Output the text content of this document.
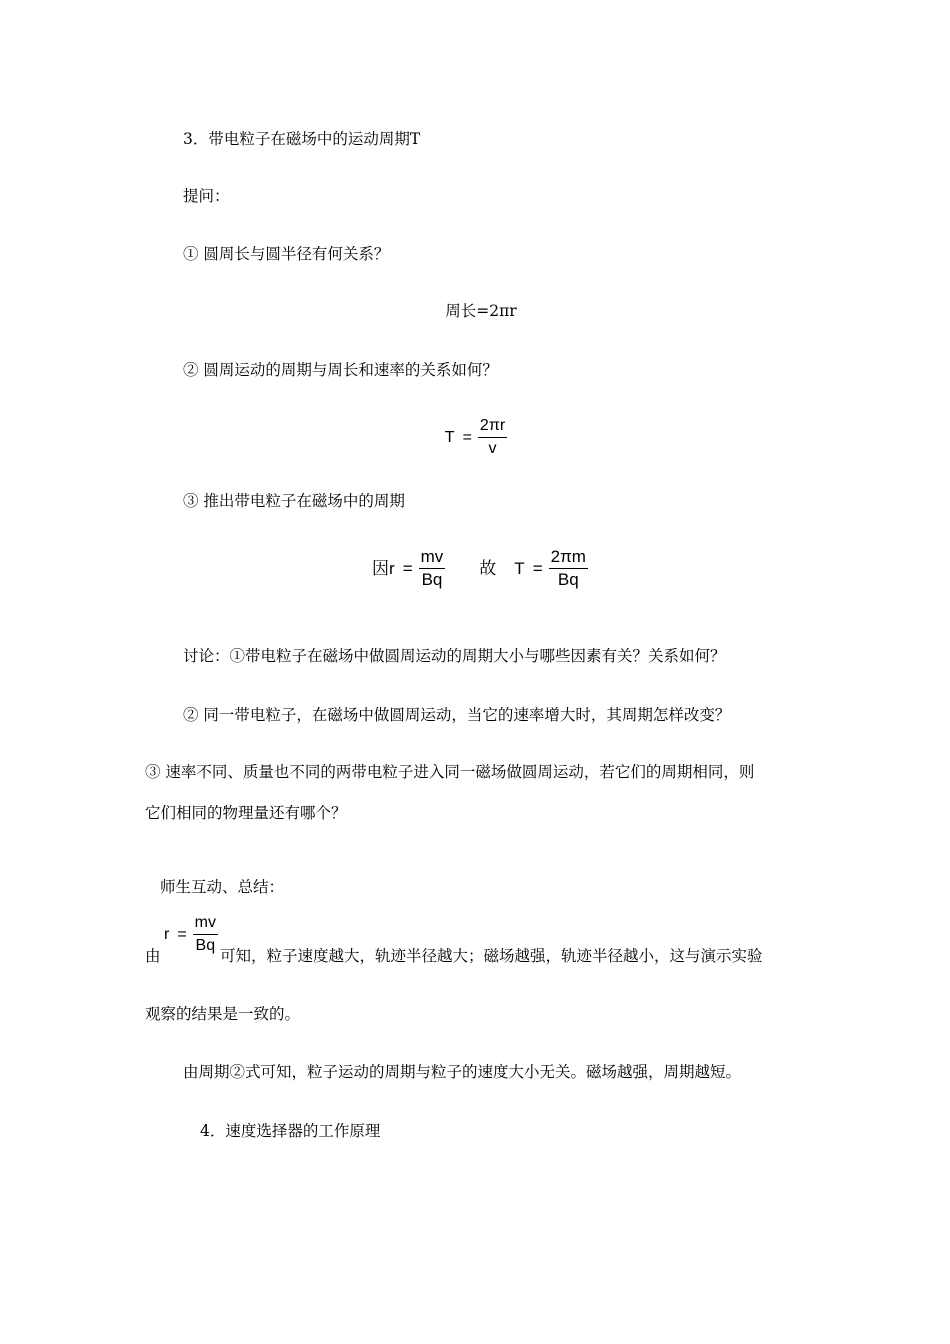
3．带电粒子在磁场中的运动周期T
提问：
① 圆周长与圆半径有何关系？
周长=2πr
② 圆周运动的周期与周长和速率的关系如何？
$T = \frac{2\pi r}{v}$
③ 推出带电粒子在磁场中的周期
因$r = \frac{mv}{Bq}$ 故 $T = \frac{2\pi m}{Bq}$
讨论：①带电粒子在磁场中做圆周运动的周期大小与哪些因素有关？关系如何？
② 同一带电粒子，在磁场中做圆周运动，当它的速率增大时，其周期怎样改变？
③ 速率不同、质量也不同的两带电粒子进入同一磁场做圆周运动，若它们的周期相同，则
它们相同的物理量还有哪个？
师生互动、总结：
$r = \frac{mv}{Bq}$
由	可知，粒子速度越大，轨迹半径越大；磁场越强，轨迹半径越小，这与演示实验
观察的结果是一致的。
由周期②式可知，粒子运动的周期与粒子的速度大小无关。磁场越强，周期越短。
4．速度选择器的工作原理
